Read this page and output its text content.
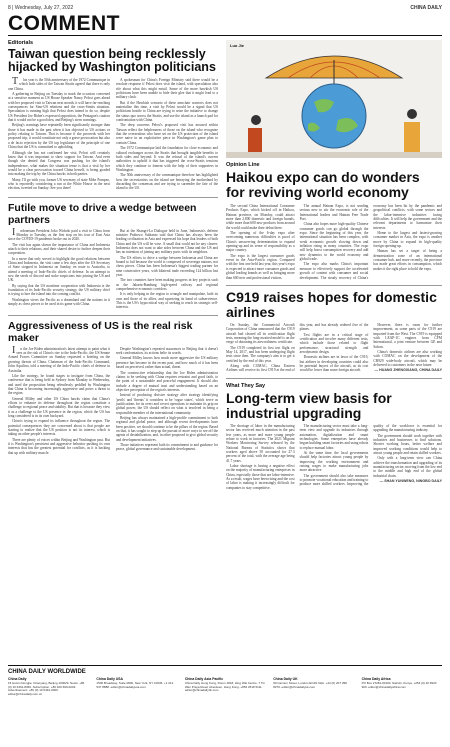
8 | Wednesday, July 27, 2022	CHINA DAILY
COMMENT
Editorials
Taiwan question being recklessly hijacked by Washington politicians

This year is the 50th anniversary of the 1972 Communique in which both sides of the Taiwan Straits agreed that there is only one China.

A gathering in Beijing on Tuesday to mark the occasion convened at a sensitive moment as US House Speaker Nancy Pelosi goes ahead with her proposed visit to Taiwan next month, it will have far-reaching consequences for Sino-US relations and the cross-Straits situation. Speculation is running high that Pelosi does intend to do so, despite US President Joe Biden's expressed opposition, the Pentagon's caution that it would not be a good idea, and Beijing's stern warnings.

Beijing's warnings have repeatedly been significantly stronger than those it has made in the past when it has objected to US actions or policy relating to Taiwan. That is because if she proceeds with her proposed trip, it would constitute not only a grave provocation but also a de facto rejection by the US top legislature of the principle of one China that the US is committed to upholding.

Although she has not confirmed her visit, Pelosi will certainly know that it was important to show support for Taiwan. And even though she denied that Congress was pushing for the island's independence, what makes the situation tense is that a visit by her would be a clear provocation toward China herself, is being goaded into making the trip by the China hawks in both parties.

Many, I'll go with you, former US secretary of state Mike Pompeo, who is reportedly considering a run at the White House in the next election, tweeted on Sunday: See you there!

A spokesman for China's Foreign Ministry said there would be a resolute response if Pelosi does visit the island, with speculation also rife about what this might entail. Some of the more hawkish US politicians have been unable to hide their glee that it might lead to a military clash.

But if the Hawkish scenario of these armchair warriors does not materialize this time, a visit by Pelosi would be a signal that US politicians hostile to China are trying to seize the initiative to change the status quo across the Straits, and use the island as a launch pad for confrontation with China.

The deep concerns Pelosi's proposed visit has aroused within Taiwan reflect the helplessness of those on the island who recognize that the overzealous who have set on the US protection of the island were naive in an exploitative piece in Washington's game plan to contain China.

The 1972 Communique laid the foundation for close economic and cultural exchanges across the Straits that brought tangible benefits to both sides and beyond. It was the refusal of the island's current authorities to uphold it that has triggered the cross-Straits tensions which they continue to foment with the help of their supporters in Washington.

The 50th anniversary of the communique therefore has highlighted how the secessionists on the island are betraying the motherland by discarding the consensus and are trying to surrender the fate of the island to the US.

Futile move to drive a wedge between partners

Indonesian President Joko Widodo paid a visit to China from Monday to Tuesday, as the first stop on his tour of East Asia since the COVID-19 pandemic broke out in 2020.

The visit has again shown the importance of China and Indonesia attach to their relations, and their shared desire to further deepen their cooperation.

In a move that only served to highlight the good relations between China and Indonesia, the visit came a few days after the US Secretary of State stopped in Indonesia on Sunday, en route to Australia, to attend a meeting of Indo-Pacific chiefs of defense. In an attempt to sow the seeds of discord and stoke suspicions into joining the US and UK.

By saying that the US maritime cooperation with Indonesia is the foundation of its Indo-Pacific security strategy, the US military chief is trying to lure the island into the coming conflict.

Washington views the Pacific as a dreamland and the nations in it simply as chess pieces to be used in its game with China.

But at the Shangri-La Dialogue held in June, Indonesia's defense minister Prabowo Subianto said that China has always been the leading civilization in Asia and expressed his hope that leaders of both China and the US will be wise. A small that could not be any clearer: Indonesia does not want to take sides between China and the US and has no intention of joining any military pacts with its neighbors.

The US efforts to drive a wedge between Indonesia and China are bound to fail because the world is composed of sovereign nations, not chess pieces. China has been Indonesia's biggest trading partner for nine consecutive years, with bilateral trade exceeding 124 billion last year.

The two countries have been making progress in key projects such as the Jakarta-Bandung high-speed railway and regional comprehensive economic corridors.

It is only helping in the region to wrangle and manipulate, both its own and those of its allies, and squeezing its band of subservience. This is the US's hypocritical way of seeking to reach its strategic self-interests.

Aggressiveness of US is the real risk maker

In the Joe Biden administration's latest attempt to paint what it sees as the risk of China's rise to the Indo-Pacific, the US Senate Armed Forces Committee on Sunday requested a briefing on the growing threats of China. Chairman of the Indo-Pacific Command, John Aquilino, told a meeting of the Indo-Pacific chiefs of defense in Australia.

Like the strategy, he found stages to instigate from China, the conference that is being held in Sydney from Monday to Wednesday, and used the proposition being relentlessly peddled by Washington that China is becoming increasingly aggressive and poses a threat to the region.

General Milley and other US China hawks claim that China's efforts to enhance its defense throughout the region constitute a challenge to regional peace and stability. But that is because they view it as a challenge to the US presence in the region, which the US has long considered is in its own backyard.

China's trying to expand its influence throughout the region. The potential consequences they are concerned about is that people are starting to realize that the US position is not its interest, which is taking on other people's interests.

There are plenty of voices within Beijing and Washington past. But it is Washington's persistent and aggressive behavior pushing its own interests that has the greatest potential for conflicts, as it is backing that up with military muscle.

Despite Washington's repeated assurances to Beijing that it doesn't seek confrontation, its actions belie its words.

General Milley knows how much more aggressive the US military presence has become in the recent past, and how much of it has been based on perceived, rather than actual, threat.

The constructive relationship that the Joe Biden administration claims to be seeking with China requires restraint and good faith, to the point of a sustainable and peaceful engagement. It should also include a degree of mutual trust and understanding based on an objective perception of the region's interests.

Instead of producing divisive strategy after strategy identifying 'perils' and 'threats' it considers to be 'rogue states', which serve as justifications for its overt and covert operations to maintain its grip on global power, the US should reflect on what is involved in being a responsible member of the international community.

Beijing has always maintained a high-profile commitment to both regional and global peace, and although recent developments have been positive, we should continue to be the pillars of the region. Based on that, it has sought to step up the pursuit of more ways to see off the agents of destabilization, and, in other proposed to give global security and development initiatives.

Those initiatives represent both its commitment to and guidance for peace, global governance and sustainable development.

Luo Jie
Opinion Line
Haikou expo can do wonders for reviving world economy

The second China International Consumer Products Expo, which kicked off in Haikou, Hainan province, on Monday, could attract more than 2,800 domestic and foreign brands, while more than 600 new products from around the world could make their debut there.

The opening of the 6-day expo after overcoming numerous difficulties is proof of China's unswerving determination to expand opening-up and its sense of responsibility as a major country.

The expo is the largest consumer goods event in the Asia-Pacific region. Compared with the first one held last year, this year's expo is expected to attract more consumer goods and global leading brands as well as bringing more than 600 new and professional visitors.

The annual Hainan Expo, is not sending serious new to stir the economic role of the International leaders and Hainan Free Trade Port.

China also hopes more high-quality Chinese consumer goods can go global through the expo. Since the beginning of this year, the international situation has been complex, with weak economic growth slowing down and inflation rising in many countries. The expo will help boost consumption recovery and add new dynamics to the world economy and global trade.

The expo also marks China's important measure to effectively support the accelerated growth of content with consumer and social development. The steady recovery of China's economy has been hit by the pandemic and geopolitical conflicts, with some sectors and the labor-intensive industries facing difficulties. It will help the government and the relevant departments to harmonize their interests.

Home to the largest and fastest-growing consumer market in Asia, the expo is another move by China to expand its high-quality foreign opening-up.

Hainan has set a target of being a demonstration zone of an international consumer hub, and more recently, the province has made great efforts in consumption, which makes it the right place to hold the expo.

C919 raises hopes for domestic airlines

On Sunday, the Commercial Aircraft Corporation of China announced that the C919 aircraft had cleared all its certification flight tests, meaning the long-awaited model is on the verge of obtaining its airworthiness certificate.

The C919 completed its first test flight on May 14, 2017, and has been undergoing flight tests since then. The company's aim is to get it certified by the end of this year.

Along with COMAC, China Eastern Airlines will receive its first C919 at the end of this year, and has already ordered five of the planes.

Test flights are in a critical stage of certification and involve many different tests, which include those related to flight performance, structural strength and aerodynamic design.

Domestic airlines are in favor of the C919, but airlines in developing countries could also be potential buyers of the aircraft, as its cost would be lower than some foreign aircraft.

However, there is room for further improvement, as some parts of the C919 are imported from the West. The C919 is equipped with LEAP-1C engines from CFM International, a joint venture between GE and Safran.

China's domestic airlines are also working with COMAC on the development of the CR929 wide-body aircraft, which may be delivered to customers in the near future.

— HUANG ZHENGXIANG, CHINA DAILY
What They Say
Long-term view basis for industrial upgrading

The shortage of labor in the manufacturing sector has received much attention in the past few years, as more and more young people refuse to work in factories. The 2021 Migrant Workers Monitoring Survey released by the National Bureau of Statistics shows that workers aged above 50 accounted for 27.3 percent of the total, with the average age being 41.7 years.

Labor shortage is having a negative effect on the majority of manufacturing enterprises in China, especially those that are labor-intensive. As a result, wages have been rising and the cost of labor is making it increasingly difficult for companies to stay competitive.

The manufacturing sector must take a long-term view and upgrade its industries through automation, digitalization and smart technologies. Some enterprises have already begun building smart factories and using robots to replace manual labor.

At the same time, the local governments should help factories attract young people by improving the working environment and raising wages to make manufacturing jobs more attractive.

The government should also take measures to promote vocational education and training to produce more skilled workers. Improving the quality of the workforce is essential for upgrading the manufacturing industry.

The government should work together with industries and businesses to find solutions. Shorter working hours, better welfare and improved working conditions would help to attract young people and retain skilled workers.

Only with a long-term view can China achieve the transformation and upgrading of its manufacturing sector, moving from the low end to the middle and high end of the global industrial chain.

— SHAN YUNWENG, NINGBO DAILY
CHINA DAILY WORLDWIDE
China Daily
15 Huixin Dongjie, Chaoyang, Beijing 100029. News: +86 (0) 10 6491-8366. Subscription: +86 400 699-0203. Advertisement: +86 (0) 10 6491-0000. editor@chinadaily.com.cn
China Daily USA
1500 Broadway, Suite 2800, New York, NY 10036. +1 212 537 8888. editor@chinadailyusa.com
China Daily Asia Pacific
China Daily Hong Kong, Room 1818, Hing Wai Centre, 7 Tin Wan Praya Road, Aberdeen, Hong Kong. +852 2518 5111. editor@chinadailyhk.com
China Daily UK
90 Cannon Street, London EC4N 6HA. +44 (0) 207 398 8270. editor@chinadailyuk.com
China Daily Africa
PO Box 27281-00100, Nairobi, Kenya. +254 (0) 20 6920 900. editor@chinadailyafrica.com
